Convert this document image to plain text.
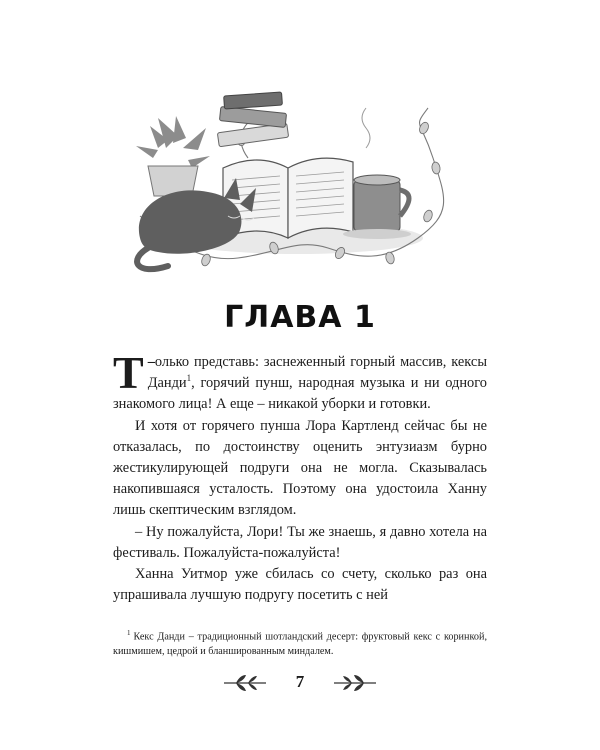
ГЛАВА 1

–
Т олько представь: заснеженный горный массив, кексы Данди$^1$, горячий пунш, народная музыка и ни одного знакомого лица! А еще – никакой уборки и готовки.

И хотя от горячего пунша Лора Картленд сейчас бы не отказалась, по достоинству оценить энтузиазм бурно жестикулирующей подруги она не могла. Сказывалась накопившаяся усталость. Поэтому она удостоила Ханну лишь скептическим взглядом.

– Ну пожалуйста, Лори! Ты же знаешь, я давно хотела на фестиваль. Пожалуйста-пожалуйста!

Ханна Уитмор уже сбилась со счету, сколько раз она упрашивала лучшую подругу посетить с ней

$^1$ Кекс Данди – традиционный шотландский десерт: фруктовый кекс с коринкой, кишмишем, цедрой и бланшированным миндалем.

7
